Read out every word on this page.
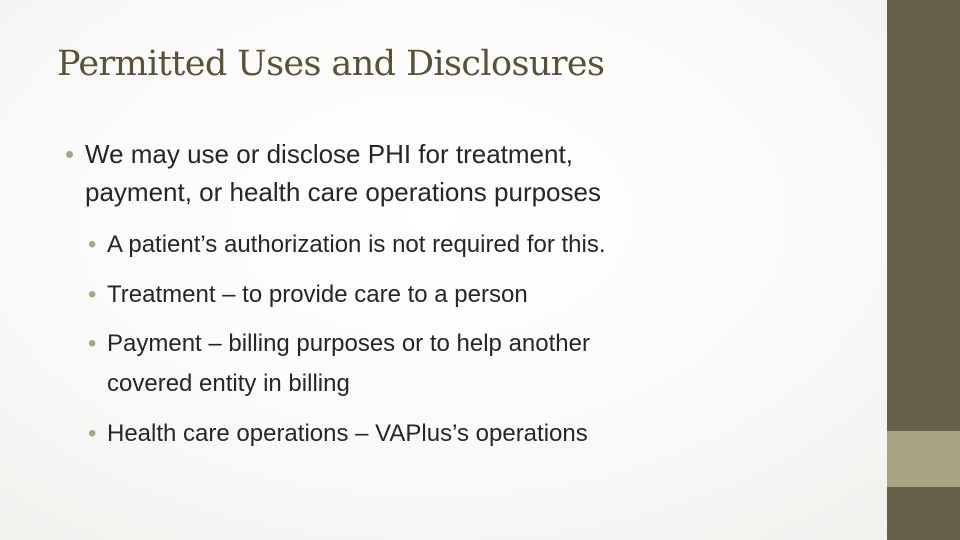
Permitted Uses and Disclosures
• We may use or disclose PHI for treatment,
payment, or health care operations purposes
• A patient’s authorization is not required for this.
• Treatment – to provide care to a person
• Payment – billing purposes or to help another
covered entity in billing
• Health care operations – VAPlus’s operations
